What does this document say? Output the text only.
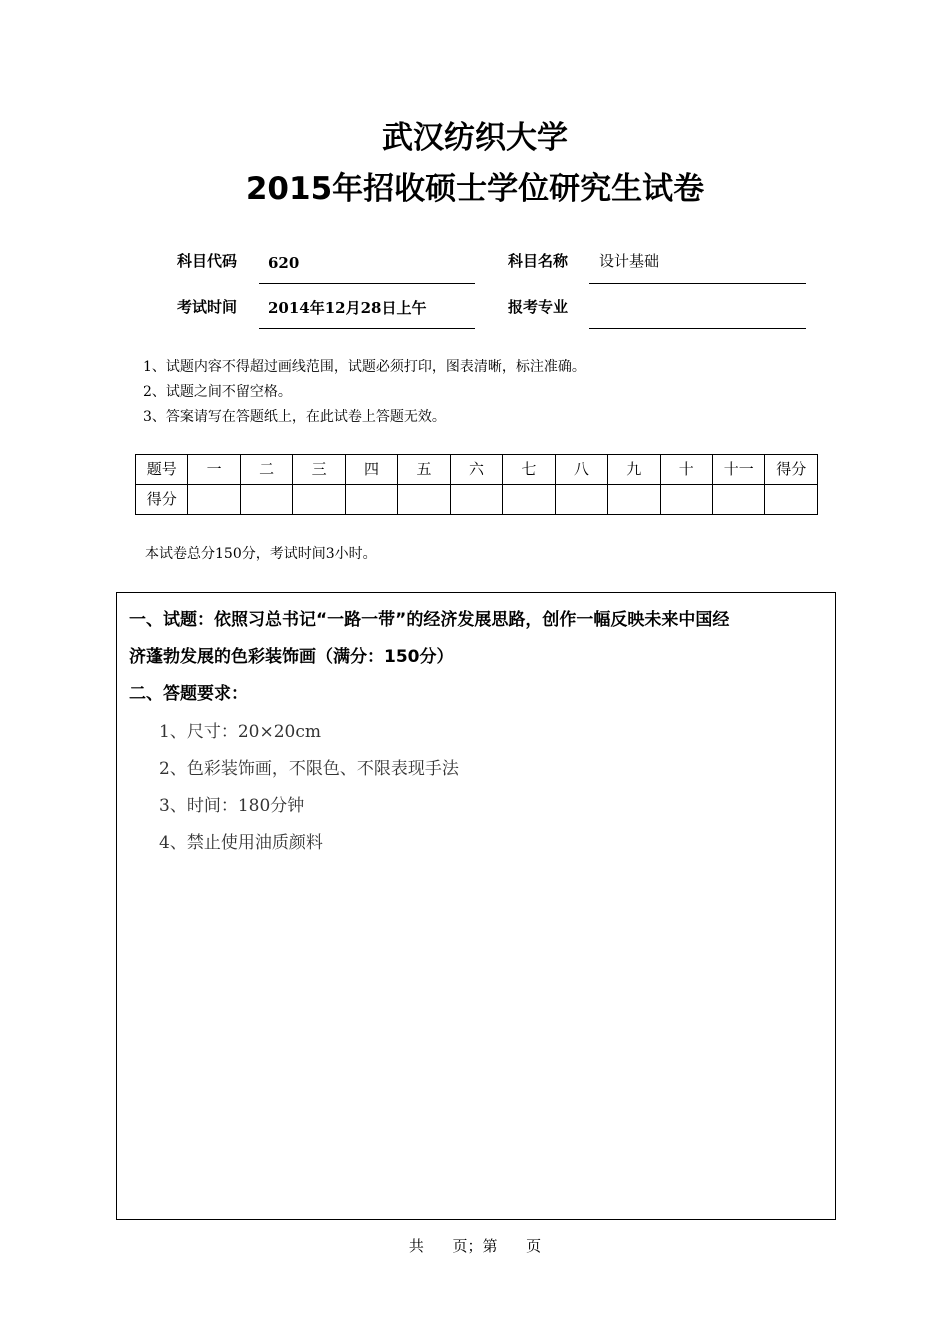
武汉纺织大学
2015年招收硕士学位研究生试卷
科目代码 620	科目名称 设计基础
考试时间 2014年12月28日上午	报考专业
1、试题内容不得超过画线范围，试题必须打印，图表清晰，标注准确。
2、试题之间不留空格。
3、答案请写在答题纸上，在此试卷上答题无效。
题号	一	二	三	四	五	六	七	八	九	十	十一	得分
得分												
本试卷总分150分，考试时间3小时。
一、试题：依照习总书记“一路一带”的经济发展思路，创作一幅反映未来中国经
济蓬勃发展的色彩装饰画（满分：150分）
二、答题要求：
1、尺寸：20×20cm
2、色彩装饰画，不限色、不限表现手法
3、时间：180分钟
4、禁止使用油质颜料
共      页；第      页
